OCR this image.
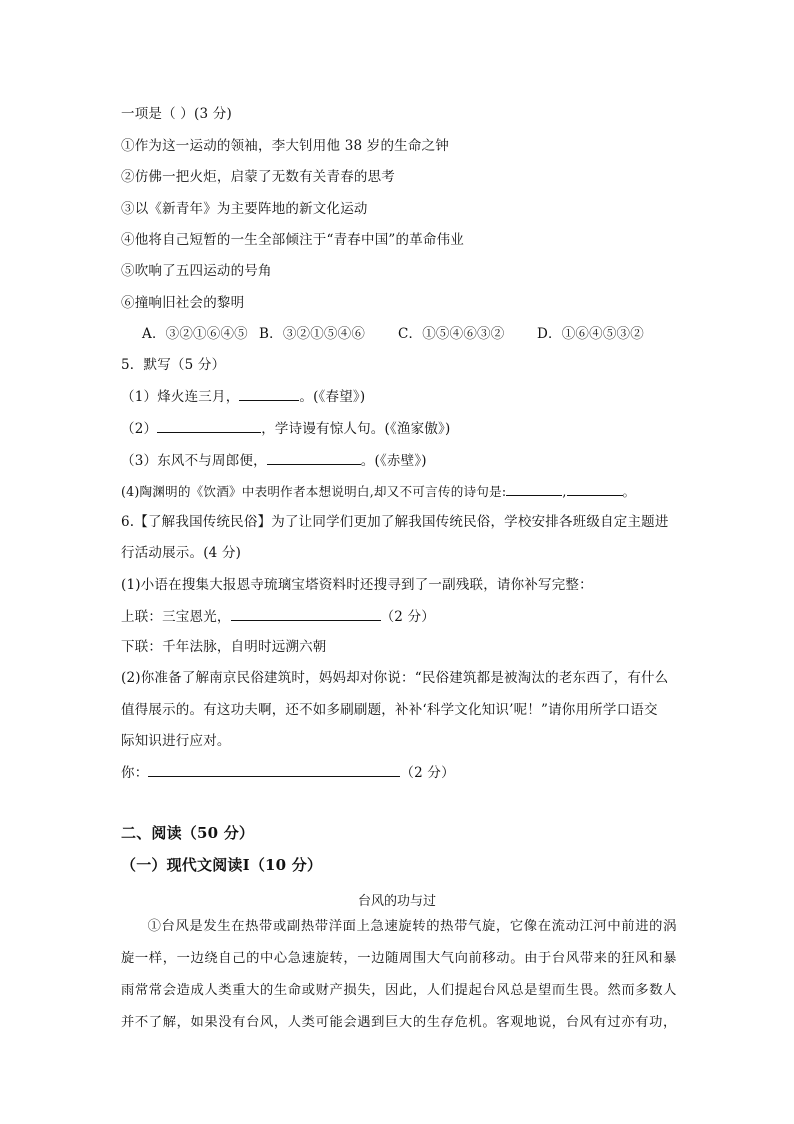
一项是（ ）(3 分)
①作为这一运动的领袖，李大钊用他 38 岁的生命之钟
②仿佛一把火炬，启蒙了无数有关青春的思考
③以《新青年》为主要阵地的新文化运动
④他将自己短暂的一生全部倾注于“青春中国”的革命伟业
⑤吹响了五四运动的号角
⑥撞响旧社会的黎明
A．③②①⑥④⑤ B．③②①⑤④⑥ C．①⑤④⑥③② D．①⑥④⑤③②
5．默写（5 分）
（1）烽火连三月，	。(《春望》)
（2）	，学诗谩有惊人句。(《渔家傲》)
（3）东风不与周郎便，	。(《赤壁》)
(4)陶渊明的《饮酒》中表明作者本想说明白,却又不可言传的诗句是:	,	。
6.【了解我国传统民俗】为了让同学们更加了解我国传统民俗，学校安排各班级自定主题进
行活动展示。(4 分)
(1)小语在搜集大报恩寺琉璃宝塔资料时还搜寻到了一副残联，请你补写完整：
上联：三宝恩光，	（2 分）
下联：千年法脉，自明时远溯六朝
(2)你准备了解南京民俗建筑时，妈妈却对你说：“民俗建筑都是被淘汰的老东西了，有什么
值得展示的。有这功夫啊，还不如多刷刷题，补补‘科学文化知识’呢！”请你用所学口语交
际知识进行应对。
你：	（2 分）
二、阅读（50 分）
（一）现代文阅读Ⅰ（10 分）
台风的功与过
①台风是发生在热带或副热带洋面上急速旋转的热带气旋，它像在流动江河中前进的涡旋一样，一边绕自己的中心急速旋转，一边随周围大气向前移动。由于台风带来的狂风和暴雨常常会造成人类重大的生命或财产损失，因此，人们提起台风总是望而生畏。然而多数人并不了解，如果没有台风，人类可能会遇到巨大的生存危机。客观地说，台风有过亦有功，
